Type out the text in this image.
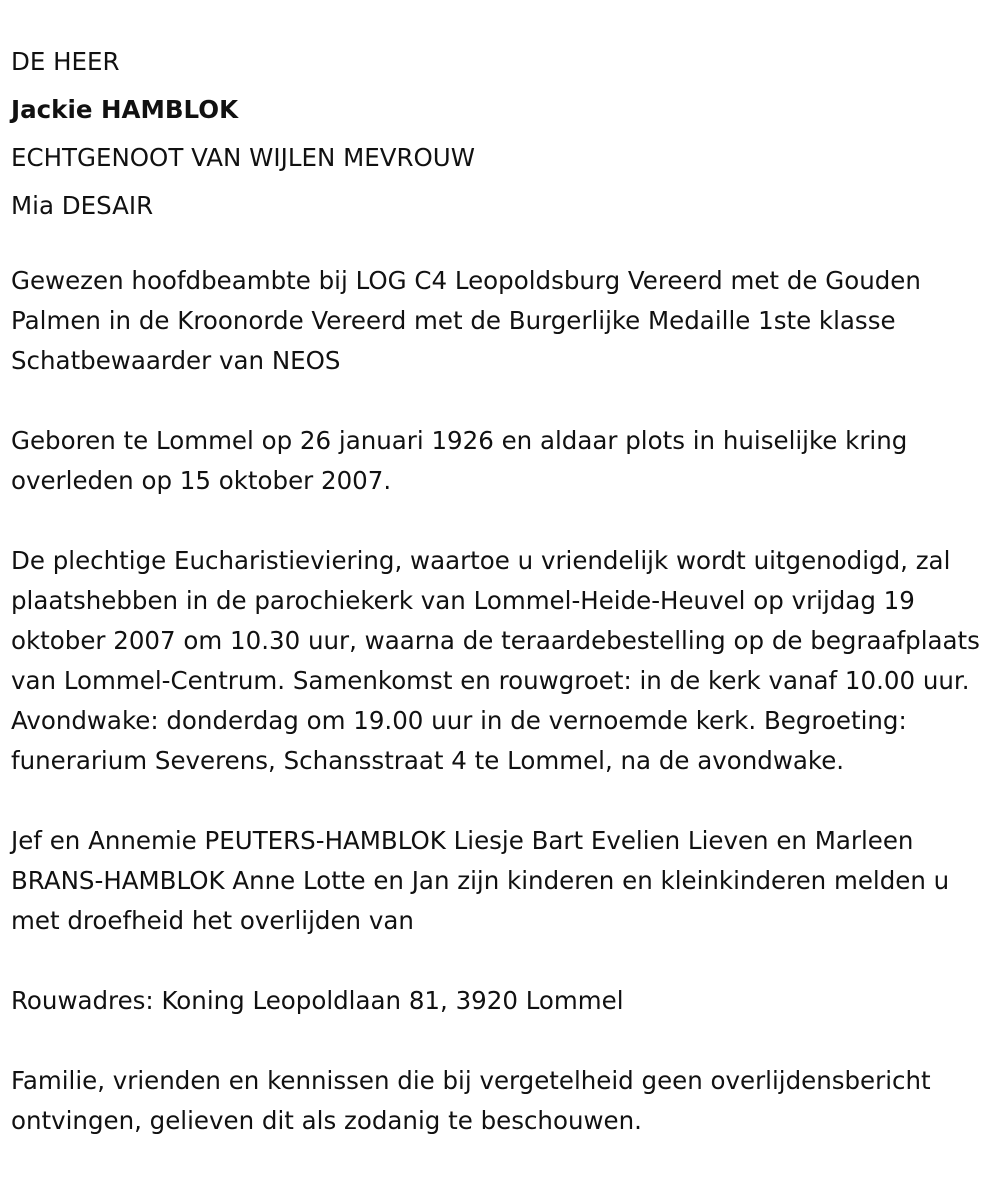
DE HEER

Jackie HAMBLOK

ECHTGENOOT VAN WIJLEN MEVROUW

Mia DESAIR

Gewezen hoofdbeambte bij LOG C4 Leopoldsburg Vereerd met de Gouden Palmen in de Kroonorde Vereerd met de Burgerlijke Medaille 1ste klasse Schatbewaarder van NEOS

Geboren te Lommel op 26 januari 1926 en aldaar plots in huiselijke kring overleden op 15 oktober 2007.

De plechtige Eucharistieviering, waartoe u vriendelijk wordt uitgenodigd, zal plaatshebben in de parochiekerk van Lommel-Heide-Heuvel op vrijdag 19 oktober 2007 om 10.30 uur, waarna de teraardebestelling op de begraafplaats van Lommel-Centrum. Samenkomst en rouwgroet: in de kerk vanaf 10.00 uur. Avondwake: donderdag om 19.00 uur in de vernoemde kerk. Begroeting: funerarium Severens, Schansstraat 4 te Lommel, na de avondwake.

Jef en Annemie PEUTERS-HAMBLOK Liesje Bart Evelien Lieven en Marleen BRANS-HAMBLOK Anne Lotte en Jan zijn kinderen en kleinkinderen melden u met droefheid het overlijden van

Rouwadres: Koning Leopoldlaan 81, 3920 Lommel

Familie, vrienden en kennissen die bij vergetelheid geen overlijdensbericht ontvingen, gelieven dit als zodanig te beschouwen.
